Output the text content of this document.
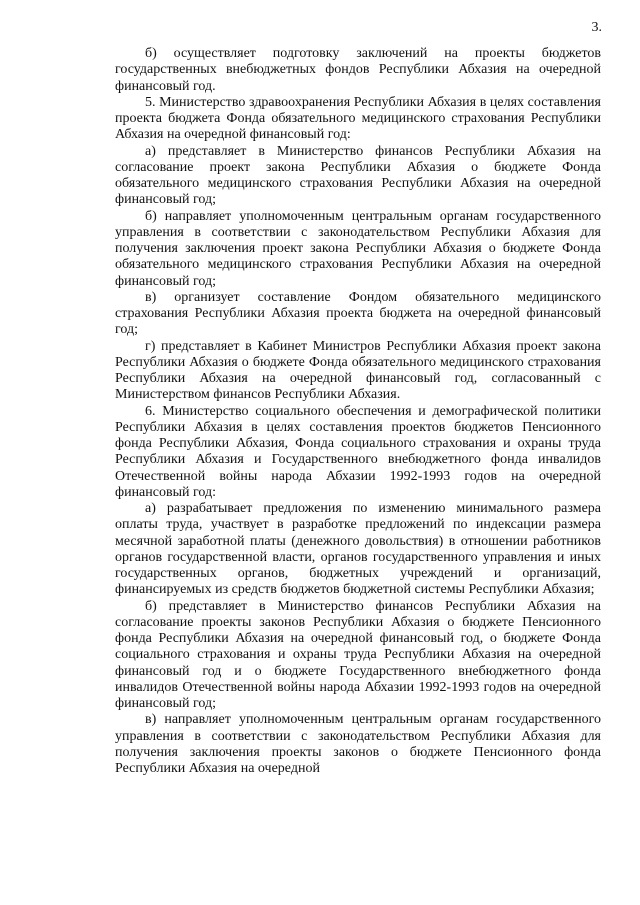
3.

б) осуществляет подготовку заключений на проекты бюджетов государственных внебюджетных фондов Республики Абхазия на очередной финансовый год.

5. Министерство здравоохранения Республики Абхазия в целях составления проекта бюджета Фонда обязательного медицинского страхования Республики Абхазия на очередной финансовый год:

а) представляет в Министерство финансов Республики Абхазия на согласование проект закона Республики Абхазия о бюджете Фонда обязательного медицинского страхования Республики Абхазия на очередной финансовый год;

б) направляет уполномоченным центральным органам государственного управления в соответствии с законодательством Республики Абхазия для получения заключения проект закона Республики Абхазия о бюджете Фонда обязательного медицинского страхования Республики Абхазия на очередной финансовый год;

в) организует составление Фондом обязательного медицинского страхования Республики Абхазия проекта бюджета на очередной финансовый год;

г) представляет в Кабинет Министров Республики Абхазия проект закона Республики Абхазия о бюджете Фонда обязательного медицинского страхования Республики Абхазия на очередной финансовый год, согласованный с Министерством финансов Республики Абхазия.

6. Министерство социального обеспечения и демографической политики Республики Абхазия в целях составления проектов бюджетов Пенсионного фонда Республики Абхазия, Фонда социального страхования и охраны труда Республики Абхазия и Государственного внебюджетного фонда инвалидов Отечественной войны народа Абхазии 1992-1993 годов на очередной финансовый год:

а) разрабатывает предложения по изменению минимального размера оплаты труда, участвует в разработке предложений по индексации размера месячной заработной платы (денежного довольствия) в отношении работников органов государственной власти, органов государственного управления и иных государственных органов, бюджетных учреждений и организаций, финансируемых из средств бюджетов бюджетной системы Республики Абхазия;

б) представляет в Министерство финансов Республики Абхазия на согласование проекты законов Республики Абхазия о бюджете Пенсионного фонда Республики Абхазия на очередной финансовый год, о бюджете Фонда социального страхования и охраны труда Республики Абхазия на очередной финансовый год и о бюджете Государственного внебюджетного фонда инвалидов Отечественной войны народа Абхазии 1992-1993 годов на очередной финансовый год;

в) направляет уполномоченным центральным органам государственного управления в соответствии с законодательством Республики Абхазия для получения заключения проекты законов о бюджете Пенсионного фонда Республики Абхазия на очередной
